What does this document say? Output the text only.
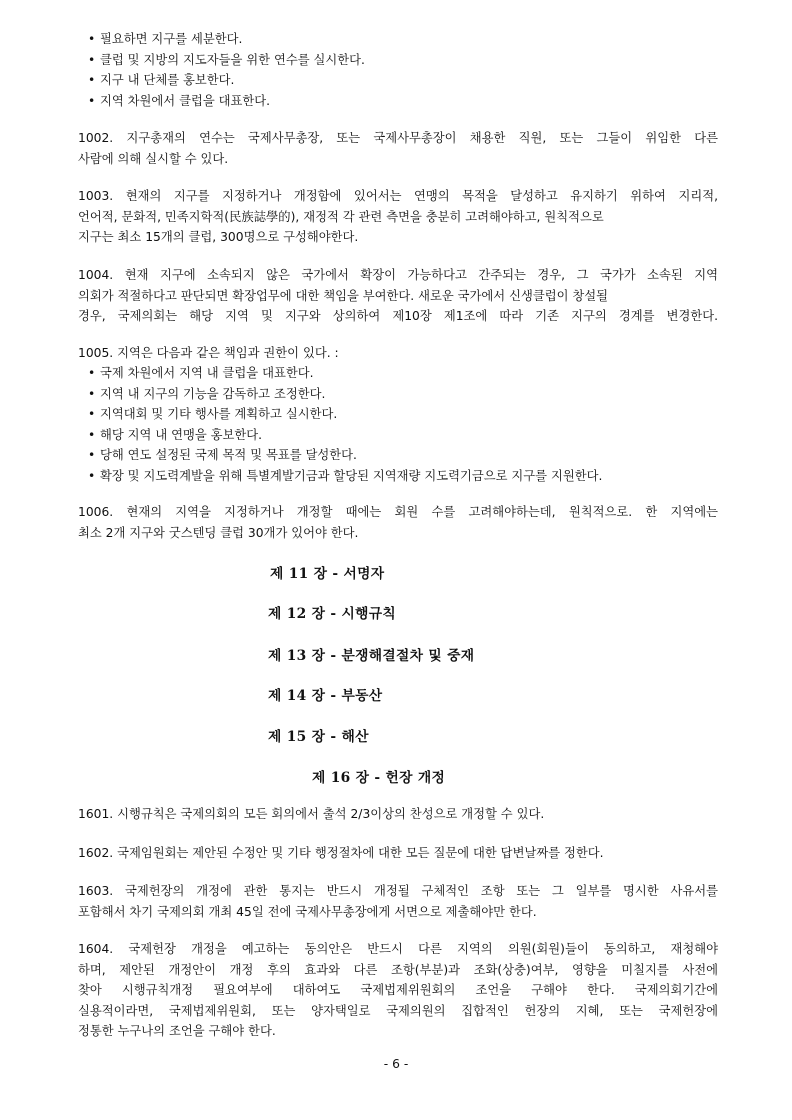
• 필요하면 지구를 세분한다.
• 클럽 및 지방의 지도자들을 위한 연수를 실시한다.
• 지구 내 단체를 홍보한다.
• 지역 차원에서 클럽을 대표한다.
1002. 지구총재의 연수는 국제사무총장, 또는 국제사무총장이 채용한 직원, 또는 그들이 위임한 다른
사람에 의해 실시할 수 있다.
1003. 현재의 지구를 지정하거나 개정함에 있어서는 연맹의 목적을 달성하고 유지하기 위하여 지리적,
언어적, 문화적, 민족지학적(民族誌學的), 재정적 각 관련 측면을 충분히 고려해야하고, 원칙적으로
지구는 최소 15개의 클럽, 300명으로 구성해야한다.
1004. 현재 지구에 소속되지 않은 국가에서 확장이 가능하다고 간주되는 경우, 그 국가가 소속된 지역
의회가 적절하다고 판단되면 확장업무에 대한 책임을 부여한다. 새로운 국가에서 신생클럽이 창설될
경우, 국제의회는 해당 지역 및 지구와 상의하여 제10장 제1조에 따라 기존 지구의 경계를 변경한다.
1005. 지역은 다음과 같은 책임과 권한이 있다. :
• 국제 차원에서 지역 내 클럽을 대표한다.
• 지역 내 지구의 기능을 감독하고 조정한다.
• 지역대회 및 기타 행사를 계획하고 실시한다.
• 해당 지역 내 연맹을 홍보한다.
• 당해 연도 설정된 국제 목적 및 목표를 달성한다.
• 확장 및 지도력계발을 위해 특별계발기금과 할당된 지역재량 지도력기금으로 지구를 지원한다.
1006. 현재의 지역을 지정하거나 개정할 때에는 회원 수를 고려해야하는데, 원칙적으로. 한 지역에는
최소 2개 지구와 굿스텐딩 클럽 30개가 있어야 한다.
제 11 장 - 서명자
제 12 장 - 시행규칙
제 13 장 - 분쟁해결절차 및 중재
제 14 장 - 부동산
제 15 장 - 해산
제 16 장 - 헌장 개정
1601. 시행규칙은 국제의회의 모든 회의에서 출석 2/3이상의 찬성으로 개정할 수 있다.
1602. 국제임원회는 제안된 수정안 및 기타 행정절차에 대한 모든 질문에 대한 답변날짜를 정한다.
1603. 국제헌장의 개정에 관한 통지는 반드시 개정될 구체적인 조항 또는 그 일부를 명시한 사유서를
포함해서 차기 국제의회 개최 45일 전에 국제사무총장에게 서면으로 제출해야만 한다.
1604. 국제헌장 개정을 예고하는 동의안은 반드시 다른 지역의 의원(회원)들이 동의하고, 재청해야
하며, 제안된 개정안이 개정 후의 효과와 다른 조항(부분)과 조화(상충)여부, 영향을 미칠지를 사전에
찾아 시행규칙개정 필요여부에 대하여도 국제법제위원회의 조언을 구해야 한다. 국제의회기간에
실용적이라면, 국제법제위원회, 또는 양자택일로 국제의원의 집합적인 헌장의 지혜, 또는 국제헌장에
정통한 누구나의 조언을 구해야 한다.
- 6 -
